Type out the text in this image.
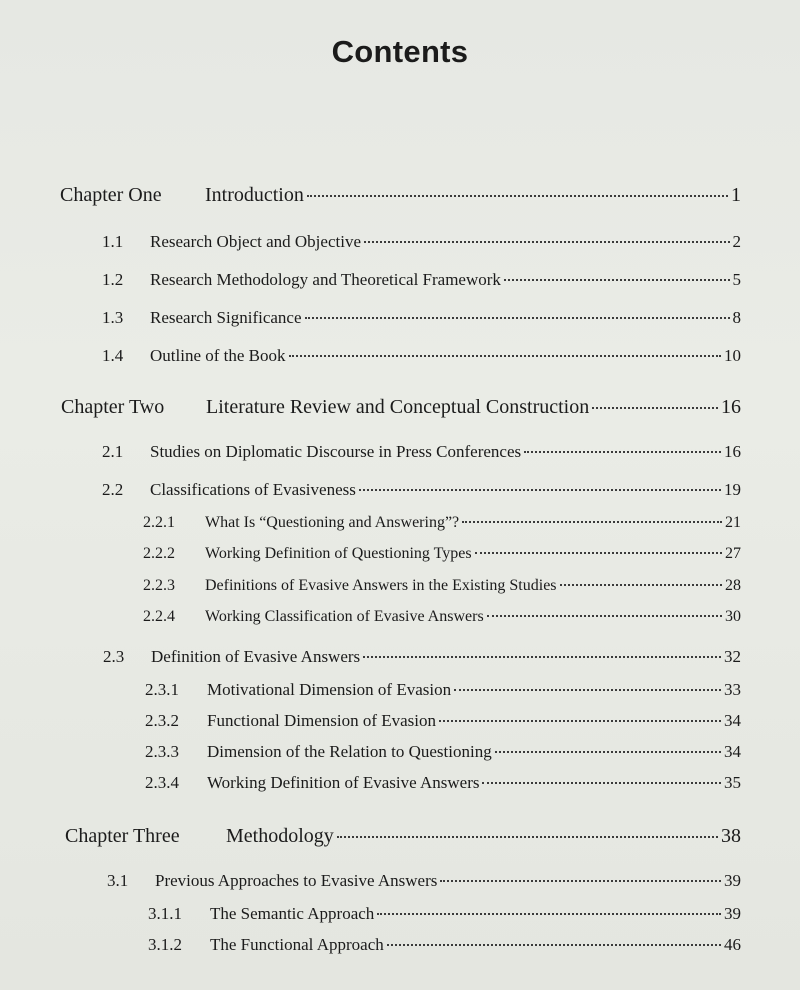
Contents
Chapter One	Introduction	1
1.1	Research Object and Objective	2
1.2	Research Methodology and Theoretical Framework	5
1.3	Research Significance	8
1.4	Outline of the Book	10
Chapter Two	Literature Review and Conceptual Construction	16
2.1	Studies on Diplomatic Discourse in Press Conferences	16
2.2	Classifications of Evasiveness	19
2.2.1	What Is “Questioning and Answering”?	21
2.2.2	Working Definition of Questioning Types	27
2.2.3	Definitions of Evasive Answers in the Existing Studies	28
2.2.4	Working Classification of Evasive Answers	30
2.3	Definition of Evasive Answers	32
2.3.1	Motivational Dimension of Evasion	33
2.3.2	Functional Dimension of Evasion	34
2.3.3	Dimension of the Relation to Questioning	34
2.3.4	Working Definition of Evasive Answers	35
Chapter Three	Methodology	38
3.1	Previous Approaches to Evasive Answers	39
3.1.1	The Semantic Approach	39
3.1.2	The Functional Approach	46
